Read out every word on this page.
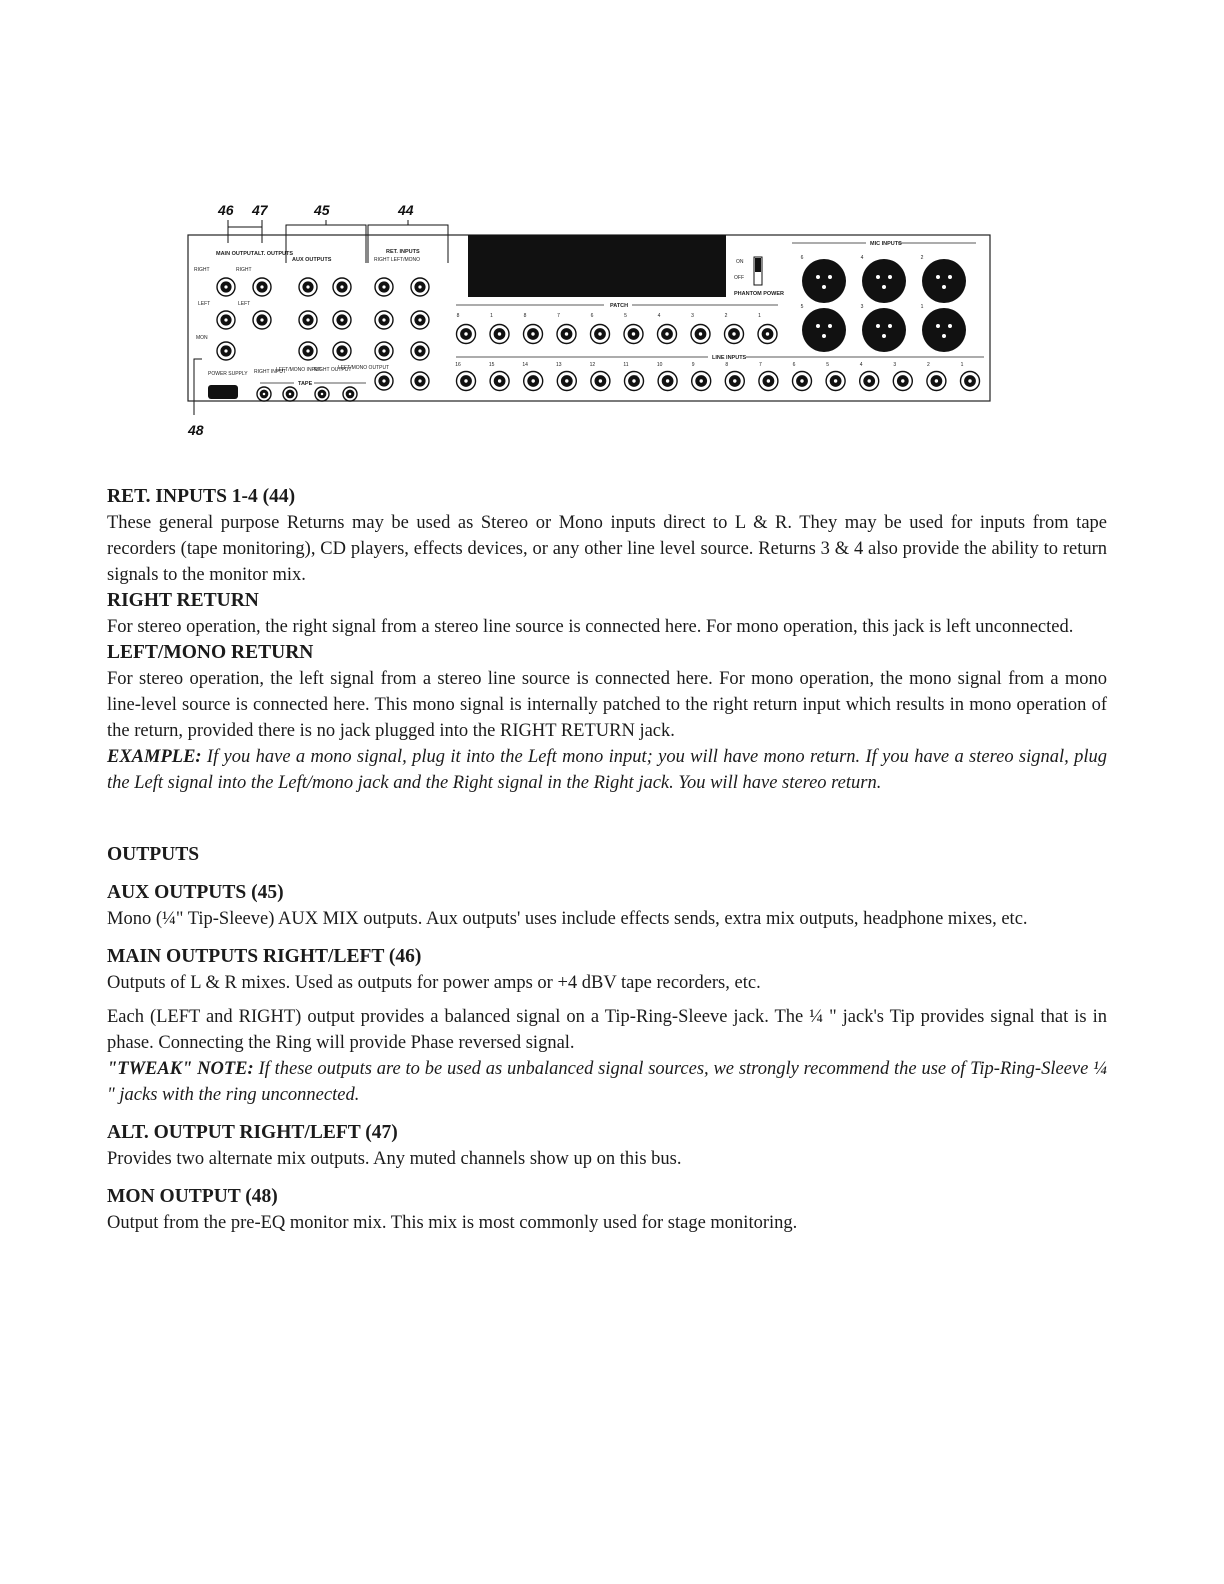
46 47	45	44
48
MAIN OUTPUT ALT. OUTPUTS
AUX OUTPUTS
RET. INPUTS
RIGHT LEFT/MONO
RIGHT	RIGHT
LEFT	LEFT
MON
MIC INPUTS
ON
OFF
PHANTOM POWER
PATCH
LINE INPUTS
POWER SUPPLY RIGHT INPUT
LEFT/MONO INPUT
RIGHT OUTPUT
LEFT/MONO OUTPUT
TAPE
8	1	8	7	6	5	4	3	2	1
16	15	14	13	12	11	10	9	8	7	6	5	4	3	2	1
6	4	2
5	3	1

RET. INPUTS 1-4 (44)

These general purpose Returns may be used as Stereo or Mono inputs direct to L & R. They may be used for inputs from tape recorders (tape monitoring), CD players, effects devices, or any other line level source. Returns 3 & 4 also provide the ability to return signals to the monitor mix.

RIGHT RETURN

For stereo operation, the right signal from a stereo line source is connected here. For mono operation, this jack is left unconnected.

LEFT/MONO RETURN

For stereo operation, the left signal from a stereo line source is connected here. For mono operation, the mono signal from a mono line-level source is connected here. This mono signal is internally patched to the right return input which results in mono operation of the return, provided there is no jack plugged into the RIGHT RETURN jack.

EXAMPLE: If you have a mono signal, plug it into the Left mono input; you will have mono return. If you have a stereo signal, plug the Left signal into the Left/mono jack and the Right signal in the Right jack. You will have stereo return.

OUTPUTS

AUX OUTPUTS (45)

Mono (¼" Tip-Sleeve) AUX MIX outputs. Aux outputs' uses include effects sends, extra mix outputs, headphone mixes, etc.

MAIN OUTPUTS RIGHT/LEFT (46)

Outputs of L & R mixes. Used as outputs for power amps or +4 dBV tape recorders, etc.

Each (LEFT and RIGHT) output provides a balanced signal on a Tip-Ring-Sleeve jack. The ¼ " jack's Tip provides signal that is in phase. Connecting the Ring will provide Phase reversed signal.

"TWEAK" NOTE: If these outputs are to be used as unbalanced signal sources, we strongly recommend the use of Tip-Ring-Sleeve ¼ " jacks with the ring unconnected.

ALT. OUTPUT RIGHT/LEFT (47)

Provides two alternate mix outputs. Any muted channels show up on this bus.

MON OUTPUT (48)

Output from the pre-EQ monitor mix. This mix is most commonly used for stage monitoring.
